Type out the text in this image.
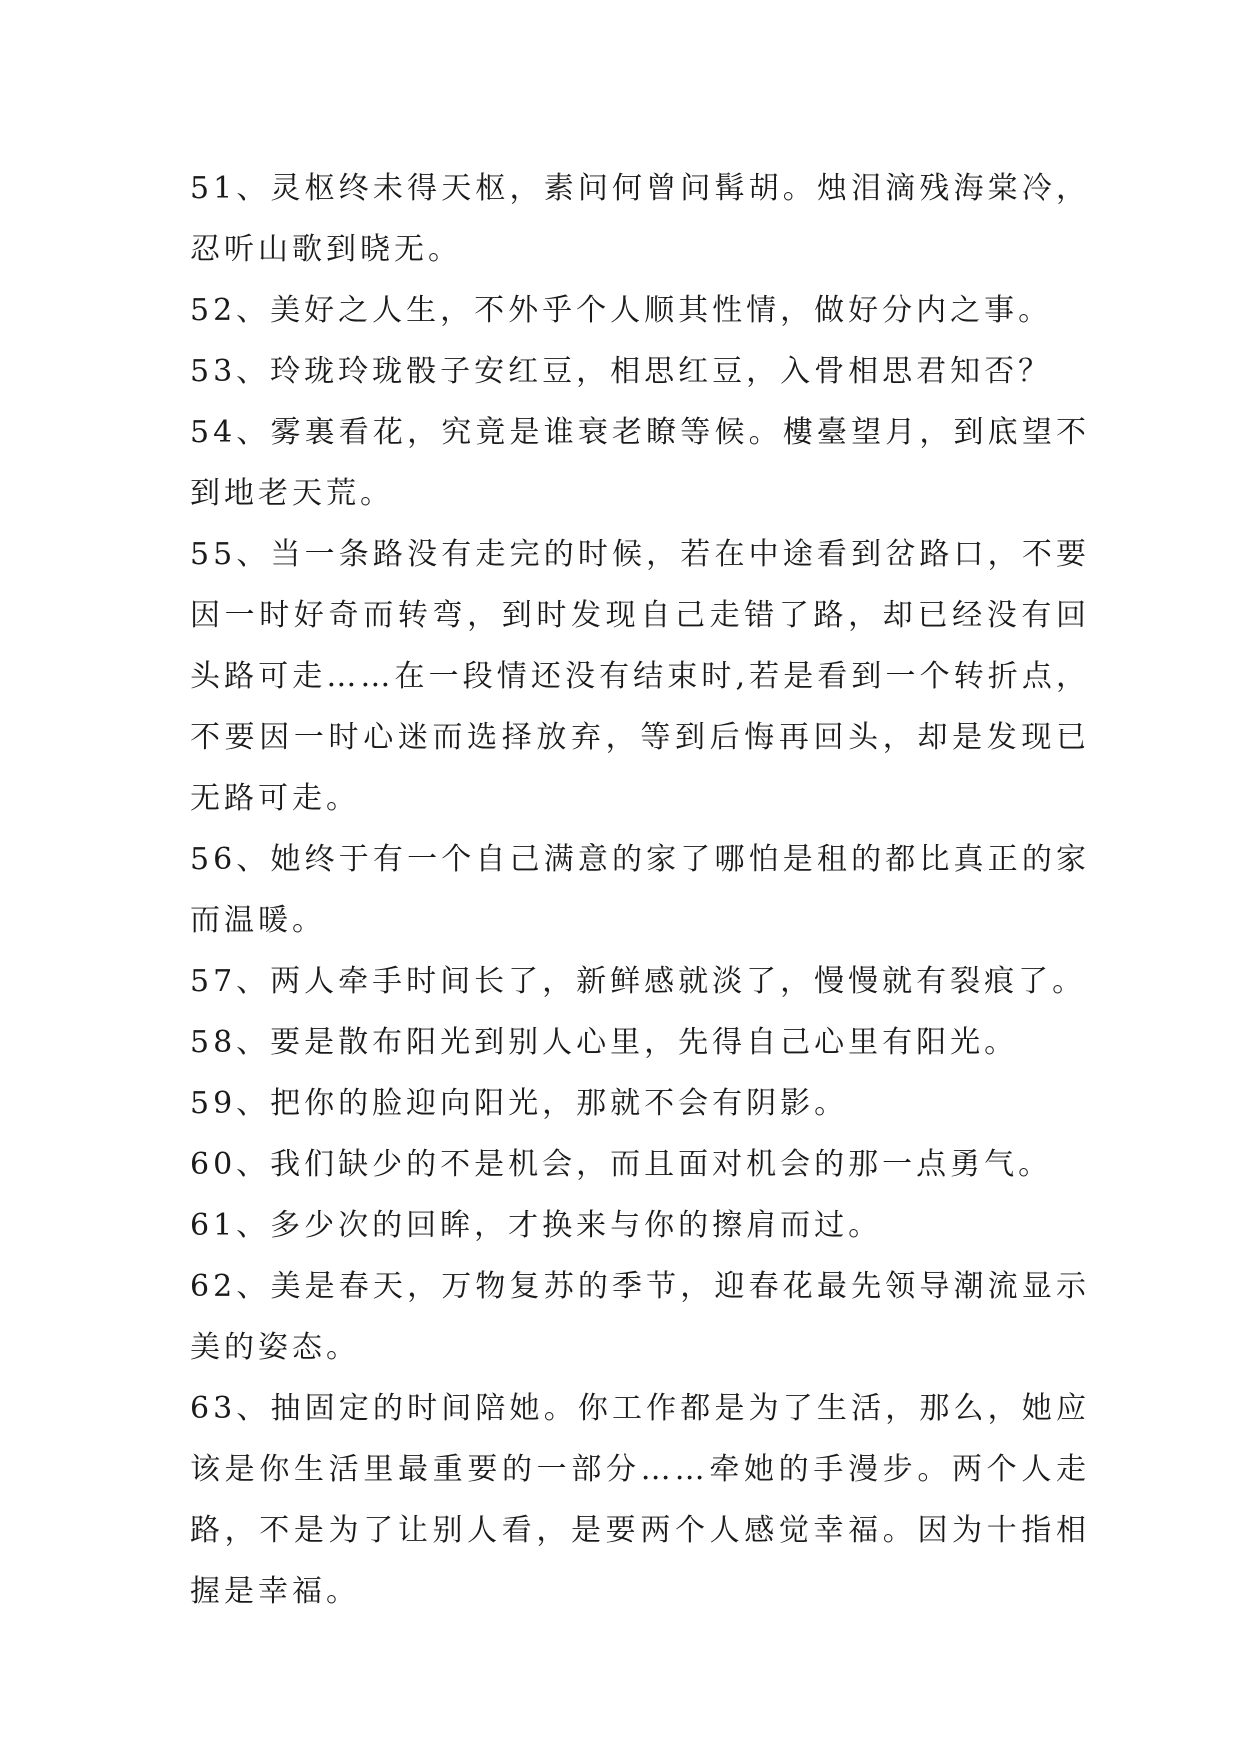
51、灵枢终未得天枢，素问何曾问髯胡。烛泪滴残海棠冷，忍听山歌到晓无。

52、美好之人生，不外乎个人顺其性情，做好分内之事。

53、玲珑玲珑骰子安红豆，相思红豆，入骨相思君知否？

54、雾裏看花，究竟是谁衰老瞭等候。樓臺望月，到底望不到地老天荒。

55、当一条路没有走完的时候，若在中途看到岔路口，不要因一时好奇而转弯，到时发现自己走错了路，却已经没有回头路可走……在一段情还没有结束时,若是看到一个转折点，不要因一时心迷而选择放弃，等到后悔再回头，却是发现已无路可走。

56、她终于有一个自己满意的家了哪怕是租的都比真正的家而温暖。

57、两人牵手时间长了，新鲜感就淡了，慢慢就有裂痕了。

58、要是散布阳光到别人心里，先得自己心里有阳光。

59、把你的脸迎向阳光，那就不会有阴影。

60、我们缺少的不是机会，而且面对机会的那一点勇气。

61、多少次的回眸，才换来与你的擦肩而过。

62、美是春天，万物复苏的季节，迎春花最先领导潮流显示美的姿态。

63、抽固定的时间陪她。你工作都是为了生活，那么，她应该是你生活里最重要的一部分……牵她的手漫步。两个人走路，不是为了让别人看，是要两个人感觉幸福。因为十指相握是幸福。
